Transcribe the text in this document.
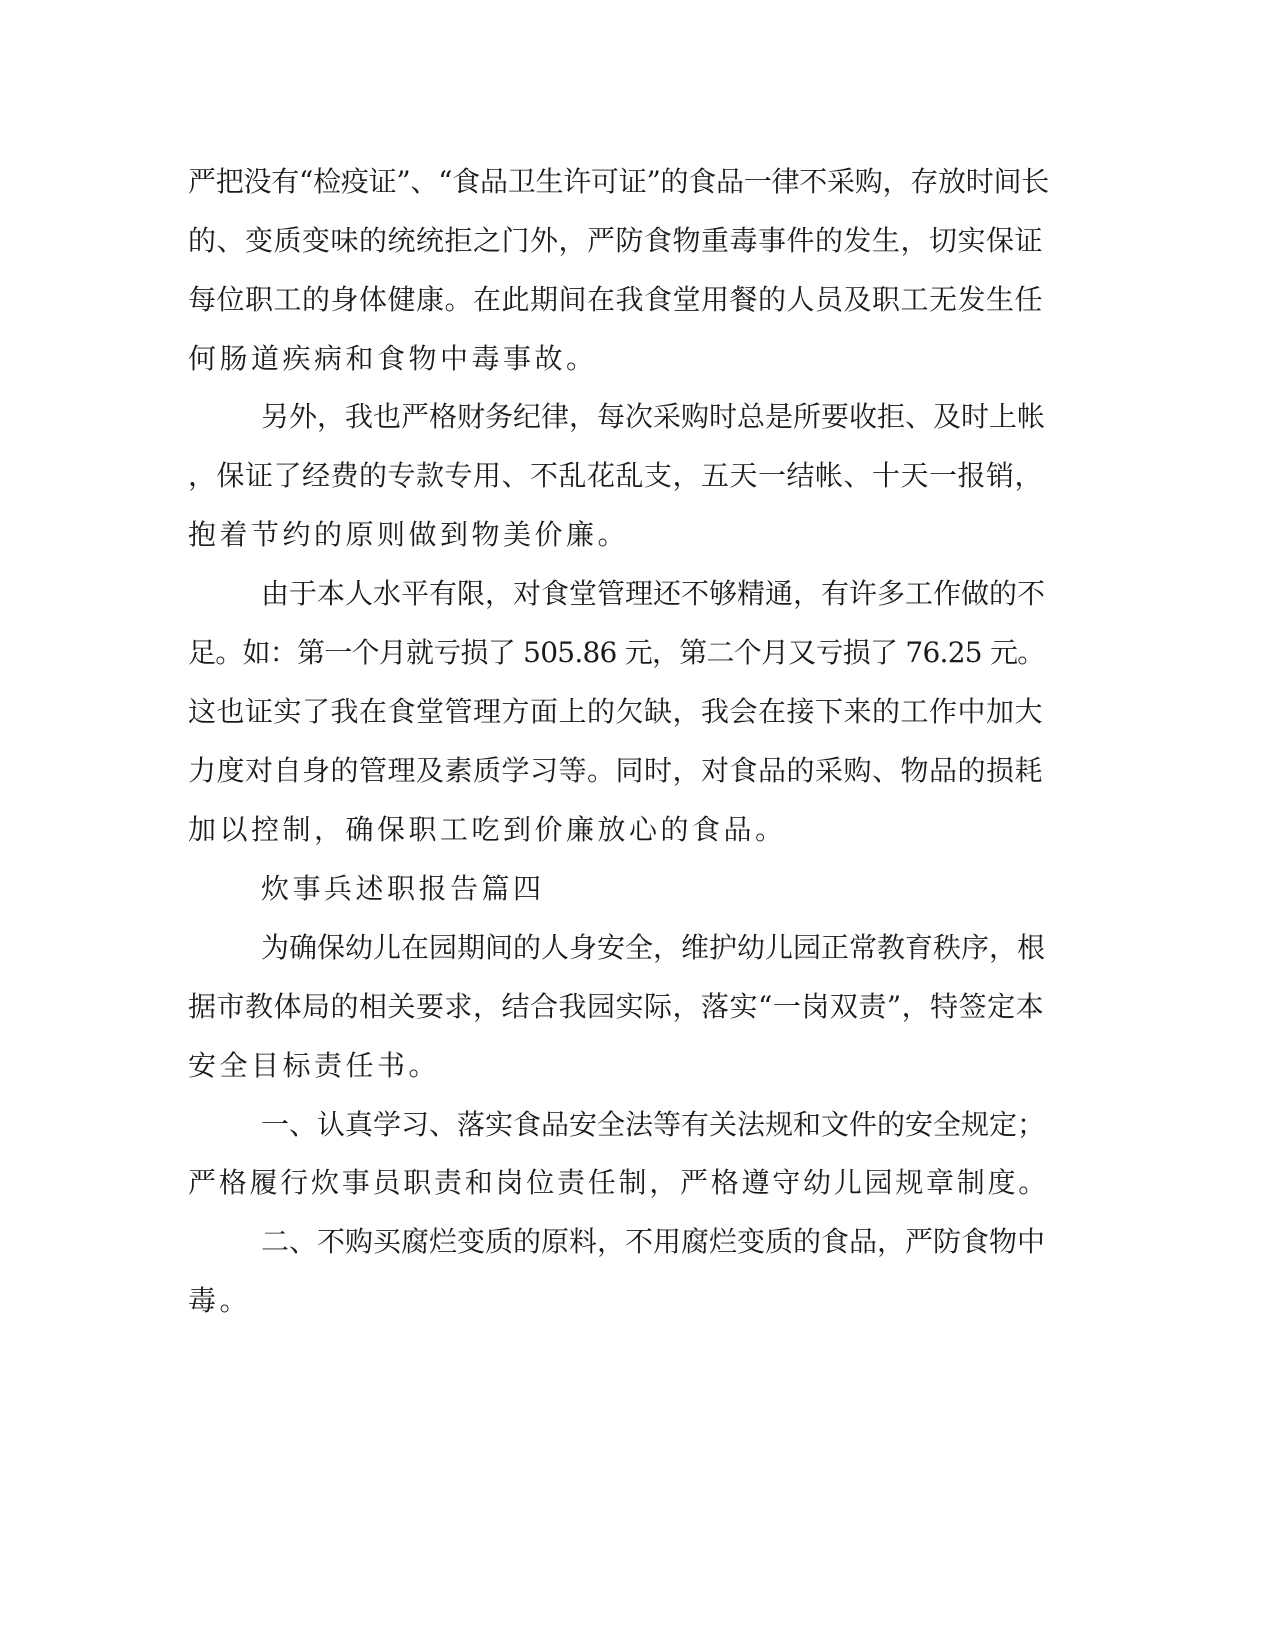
严把没有“检疫证”、“食品卫生许可证”的食品一律不采购，存放时间长

的、变质变味的统统拒之门外，严防食物重毒事件的发生，切实保证

每位职工的身体健康。在此期间在我食堂用餐的人员及职工无发生任

何肠道疾病和食物中毒事故。

另外，我也严格财务纪律，每次采购时总是所要收拒、及时上帐

，保证了经费的专款专用、不乱花乱支，五天一结帐、十天一报销，

抱着节约的原则做到物美价廉。

由于本人水平有限，对食堂管理还不够精通，有许多工作做的不

足。如：第一个月就亏损了 505.86 元，第二个月又亏损了 76.25 元。

这也证实了我在食堂管理方面上的欠缺，我会在接下来的工作中加大

力度对自身的管理及素质学习等。同时，对食品的采购、物品的损耗

加以控制，确保职工吃到价廉放心的食品。

炊事兵述职报告篇四

为确保幼儿在园期间的人身安全，维护幼儿园正常教育秩序，根

据市教体局的相关要求，结合我园实际，落实“一岗双责”，特签定本

安全目标责任书。

一、认真学习、落实食品安全法等有关法规和文件的安全规定；

严格履行炊事员职责和岗位责任制，严格遵守幼儿园规章制度。

二、不购买腐烂变质的原料，不用腐烂变质的食品，严防食物中

毒。
